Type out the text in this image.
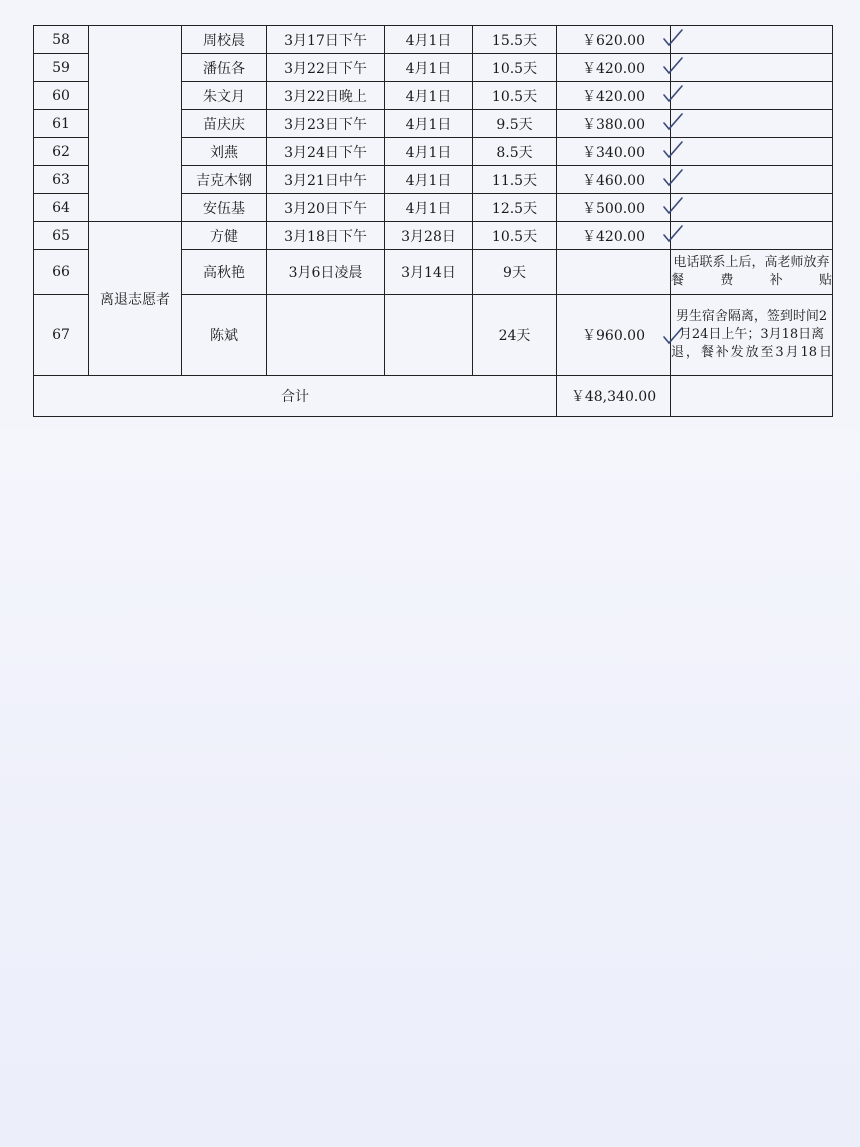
58		周校晨	3月17日下午	4月1日	15.5天	￥620.00

59		潘伍各	3月22日下午	4月1日	10.5天	￥420.00

60		朱文月	3月22日晚上	4月1日	10.5天	￥420.00

61		苗庆庆	3月23日下午	4月1日	9.5天	￥380.00

62		刘燕	3月24日下午	4月1日	8.5天	￥340.00

63		吉克木钢	3月21日中午	4月1日	11.5天	￥460.00

64		安伍基	3月20日下午	4月1日	12.5天	￥500.00

65	离退志愿者	方健	3月18日下午	3月28日	10.5天	￥420.00

66		高秋艳	3月6日凌晨	3月14日	9天		电话联系上后，高老师放弃餐费补贴
67		陈斌			24天	￥960.00	男生宿舍隔离，签到时间2月24日上午；3月18日离退，餐补发放至3月18日
合计						￥48,340.00	
